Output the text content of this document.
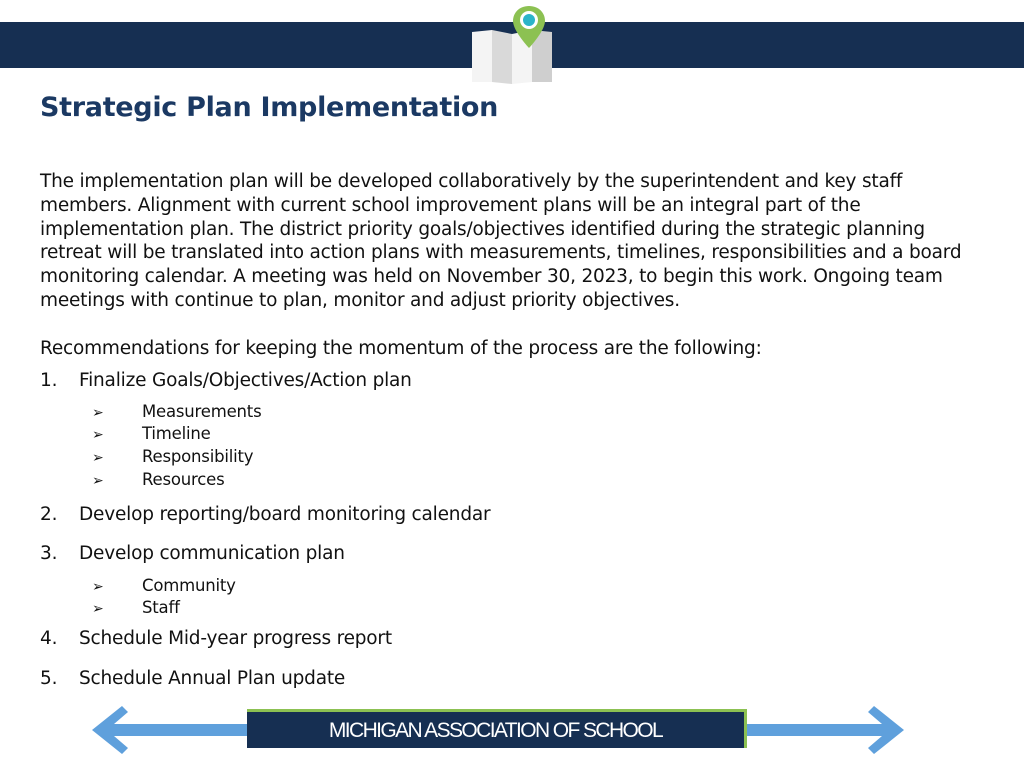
Strategic Plan Implementation

The implementation plan will be developed collaboratively by the superintendent and key staff members. Alignment with current school improvement plans will be an integral part of the implementation plan. The district priority goals/objectives identified during the strategic planning retreat will be translated into action plans with measurements, timelines, responsibilities and a board monitoring calendar. A meeting was held on November 30, 2023, to begin this work. Ongoing team meetings with continue to plan, monitor and adjust priority objectives.

Recommendations for keeping the momentum of the process are the following:
1. Finalize Goals/Objectives/Action plan
➢ Measurements
➢ Timeline
➢ Responsibility
➢ Resources
2. Develop reporting/board monitoring calendar
3. Develop communication plan
➢ Community
➢ Staff
4. Schedule Mid-year progress report
5. Schedule Annual Plan update
MICHIGAN ASSOCIATION OF SCHOOL
